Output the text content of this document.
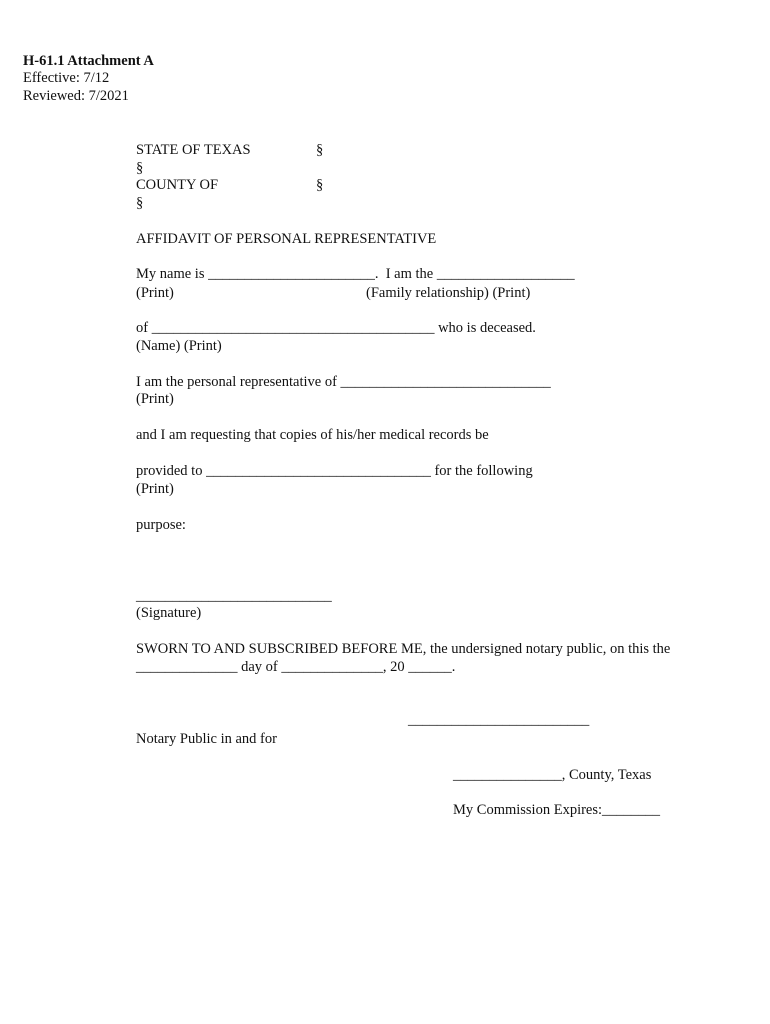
H-61.1 Attachment A
Effective: 7/12
Reviewed: 7/2021
STATE OF TEXAS	§
§
COUNTY OF	§
§
AFFIDAVIT OF PERSONAL REPRESENTATIVE
My name is _______________________.  I am the ___________________
(Print)	(Family relationship) (Print)
of _______________________________________ who is deceased.
(Name) (Print)
I am the personal representative of _____________________________
(Print)
and I am requesting that copies of his/her medical records be
provided to _______________________________ for the following
(Print)
purpose:
___________________________
(Signature)
SWORN TO AND SUBSCRIBED BEFORE ME, the undersigned notary public, on this the
______________ day of ______________, 20 ______.
_________________________
Notary Public in and for
_______________, County, Texas
My Commission Expires:________
